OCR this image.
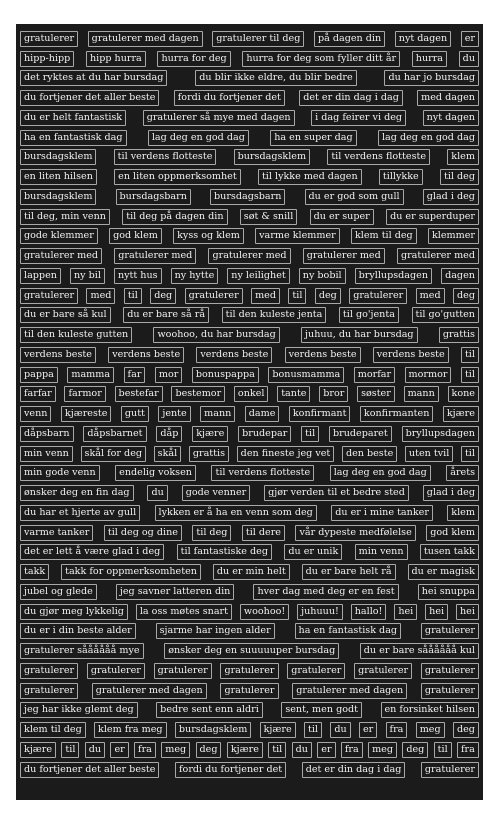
gratulerer	gratulerer med dagen	gratulerer til deg	på dagen din	nyt dagen	er
hipp-hipp	hipp hurra	hurra for deg	hurra for deg som fyller ditt år	hurra	du
det ryktes at du har bursdag	du blir ikke eldre, du blir bedre	du har jo bursdag
du fortjener det aller beste	fordi du fortjener det	det er din dag i dag	med dagen
du er helt fantastisk	gratulerer så mye med dagen	i dag feirer vi deg	nyt dagen
ha en fantastisk dag	lag deg en god dag	ha en super dag	lag deg en god dag
bursdagsklem	til verdens flotteste	bursdagsklem	til verdens flotteste	klem
en liten hilsen	en liten oppmerksomhet	til lykke med dagen	tillykke	til deg
bursdagsklem	bursdagsbarn	bursdagsbarn	du er god som gull	glad i deg
til deg, min venn	til deg på dagen din	søt & snill	du er super	du er superduper
gode klemmer	god klem	kyss og klem	varme klemmer	klem til deg	klemmer
gratulerer med	gratulerer med	gratulerer med	gratulerer med	gratulerer med
lappen	ny bil	nytt hus	ny hytte	ny leilighet	ny bobil	bryllupsdagen	dagen
gratulerer	med	til	deg	gratulerer	med	til	deg	gratulerer	med	deg
du er bare så kul	du er bare så rå	til den kuleste jenta	til go'jenta	til go'gutten
til den kuleste gutten	woohoo, du har bursdag	juhuu, du har bursdag	grattis
verdens beste	verdens beste	verdens beste	verdens beste	verdens beste	til
pappa	mamma	far	mor	bonuspappa	bonusmamma	morfar	mormor	til
farfar	farmor	bestefar	bestemor	onkel	tante	bror	søster	mann	kone
venn	kjæreste	gutt	jente	mann	dame	konfirmant	konfirmanten	kjære
dåpsbarn	dåpsbarnet	dåp	kjære	brudepar	til	brudeparet	bryllupsdagen
min venn	skål for deg	skål	grattis	den fineste jeg vet	den beste	uten tvil	til
min gode venn	endelig voksen	til verdens flotteste	lag deg en god dag	årets
ønsker deg en fin dag	du	gode venner	gjør verden til et bedre sted	glad i deg
du har et hjerte av gull	lykken er å ha en venn som deg	du er i mine tanker	klem
varme tanker	til deg og dine	til deg	til dere	vår dypeste medfølelse	god klem
det er lett å være glad i deg	til fantastiske deg	du er unik	min venn	tusen takk
takk	takk for oppmerksomheten	du er min helt	du er bare helt rå	du er magisk
jubel og glede	jeg savner latteren din	hver dag med deg er en fest	hei snuppa
du gjør meg lykkelig	la oss møtes snart	woohoo!	juhuuu!	hallo!	hei	hei	hei
du er i din beste alder	sjarme har ingen alder	ha en fantastisk dag	gratulerer
gratulerer såååååå mye	ønsker deg en suuuuuper bursdag	du er bare såååååå kul
gratulerer	gratulerer	gratulerer	gratulerer	gratulerer	gratulerer	gratulerer
gratulerer	gratulerer med dagen	gratulerer	gratulerer med dagen	gratulerer
jeg har ikke glemt deg	bedre sent enn aldri	sent, men godt	en forsinket hilsen
klem til deg	klem fra meg	bursdagsklem	kjære	til	du	er	fra	meg	deg
kjære	til	du	er	fra	meg	deg	kjære	til	du	er	fra	meg	deg	til	fra
du fortjener det aller beste	fordi du fortjener det	det er din dag i dag	gratulerer
